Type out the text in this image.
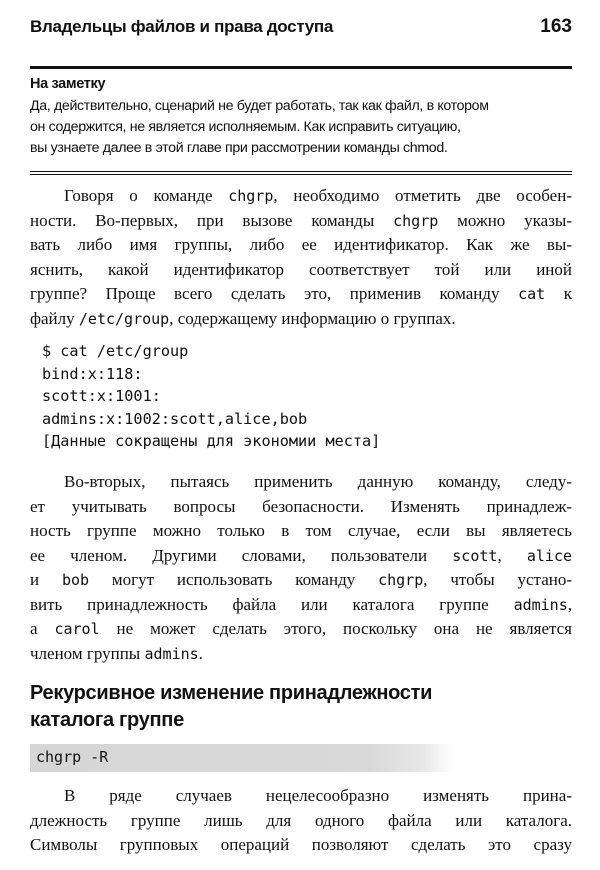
Владельцы файлов и права доступа	163
На заметку
Да, действительно, сценарий не будет работать, так как файл, в котором
он содержится, не является исполняемым. Как исправить ситуацию,
вы узнаете далее в этой главе при рассмотрении команды chmod.
Говоря о команде chgrp, необходимо отметить две особен-
ности. Во-первых, при вызове команды chgrp можно указы-
вать либо имя группы, либо ее идентификатор. Как же вы-
яснить, какой идентификатор соответствует той или иной
группе? Проще всего сделать это, применив команду cat к
файлу /etc/group, содержащему информацию о группах.
$ cat /etc/group
bind:x:118:
scott:x:1001:
admins:x:1002:scott,alice,bob
[Данные сокращены для экономии места]
Во-вторых, пытаясь применить данную команду, следу-
ет учитывать вопросы безопасности. Изменять принадлеж-
ность группе можно только в том случае, если вы являетесь
ее членом. Другими словами, пользователи scott, alice
и bob могут использовать команду chgrp, чтобы устано-
вить принадлежность файла или каталога группе admins,
а carol не может сделать этого, поскольку она не является
членом группы admins.
Рекурсивное изменение принадлежности
каталога группе
chgrp -R
В ряде случаев нецелесообразно изменять прина-
длежность группе лишь для одного файла или каталога.
Символы групповых операций позволяют сделать это сразу
